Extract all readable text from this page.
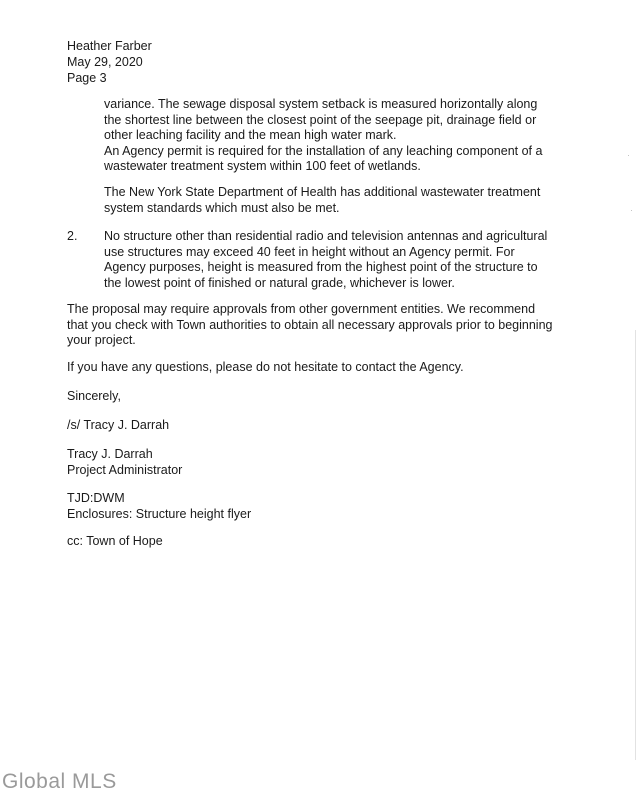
Heather Farber
May 29, 2020
Page 3
variance. The sewage disposal system setback is measured horizontally along
the shortest line between the closest point of the seepage pit, drainage field or
other leaching facility and the mean high water mark.
An Agency permit is required for the installation of any leaching component of a
wastewater treatment system within 100 feet of wetlands.
The New York State Department of Health has additional wastewater treatment
system standards which must also be met.
2. No structure other than residential radio and television antennas and agricultural
use structures may exceed 40 feet in height without an Agency permit. For
Agency purposes, height is measured from the highest point of the structure to
the lowest point of finished or natural grade, whichever is lower.
The proposal may require approvals from other government entities. We recommend
that you check with Town authorities to obtain all necessary approvals prior to beginning
your project.
If you have any questions, please do not hesitate to contact the Agency.
Sincerely,
/s/ Tracy J. Darrah
Tracy J. Darrah
Project Administrator
TJD:DWM
Enclosures: Structure height flyer
cc: Town of Hope
·
·
Global MLS
